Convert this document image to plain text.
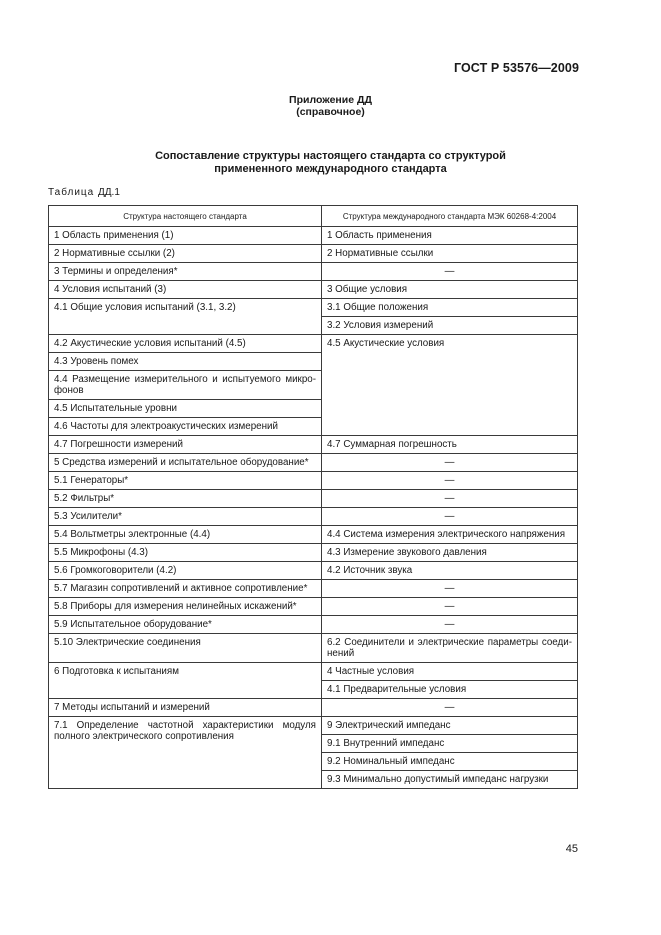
ГОСТ Р 53576—2009
Приложение ДД
(справочное)
Сопоставление структуры настоящего стандарта со структурой
примененного международного стандарта
Таблица ДД.1
Структура настоящего стандарта	Структура международного стандарта МЭК 60268-4:2004
1 Область применения (1)	1 Область применения
2 Нормативные ссылки (2)	2 Нормативные ссылки
3 Термины и определения*	—
4 Условия испытаний (3)	3 Общие условия
4.1 Общие условия испытаний (3.1, 3.2)	3.1 Общие положения
	3.2 Условия измерений
4.2 Акустические условия испытаний (4.5)	4.5 Акустические условия
4.3 Уровень помех	
4.4 Размещение измерительного и испытуемого микро-фонов	
4.5 Испытательные уровни	
4.6 Частоты для электроакустических измерений	
4.7 Погрешности измерений	4.7 Суммарная погрешность
5 Средства измерений и испытательное оборудование*	—
5.1 Генераторы*	—
5.2 Фильтры*	—
5.3 Усилители*	—
5.4 Вольтметры электронные (4.4)	4.4 Система измерения электрического напряжения
5.5 Микрофоны (4.3)	4.3 Измерение звукового давления
5.6 Громкоговорители (4.2)	4.2 Источник звука
5.7 Магазин сопротивлений и активное сопротивление*	—
5.8 Приборы для измерения нелинейных искажений*	—
5.9 Испытательное оборудование*	—
5.10 Электрические соединения	6.2 Соединители и электрические параметры соеди-нений
6 Подготовка к испытаниям	4 Частные условия
	4.1 Предварительные условия
7 Методы испытаний и измерений	—
7.1 Определение частотной характеристики модуля полного электрического сопротивления	9 Электрический импеданс
	9.1 Внутренний импеданс
	9.2 Номинальный импеданс
	9.3 Минимально допустимый импеданс нагрузки
45
